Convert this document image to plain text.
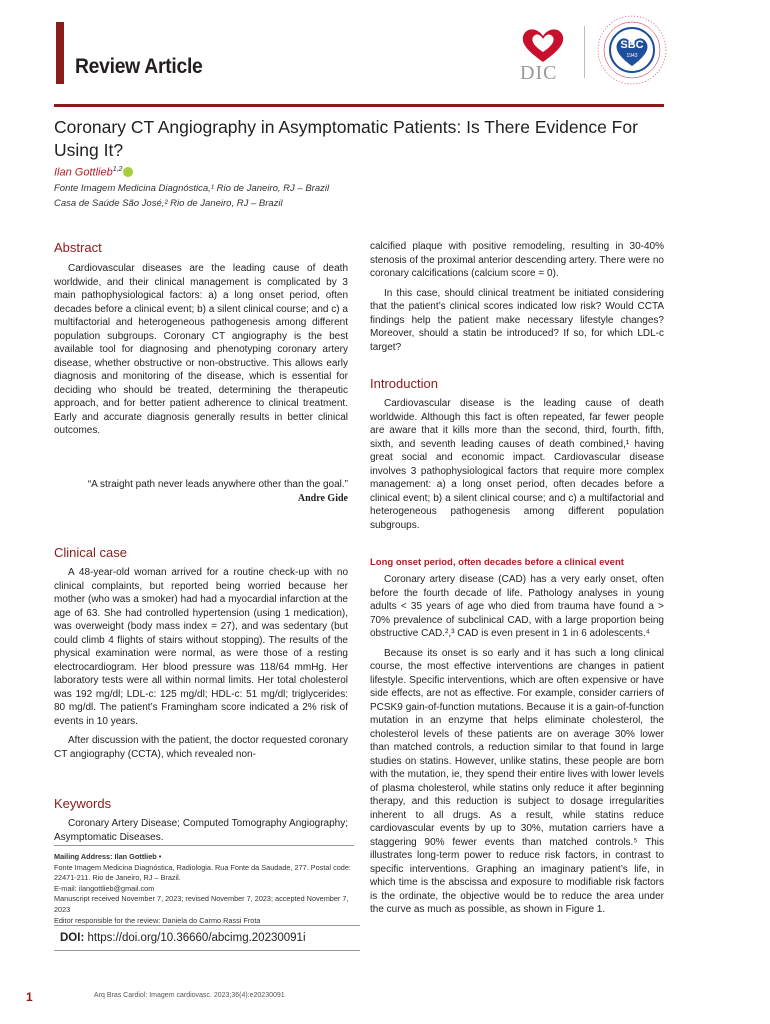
Review Article	DIC
SBC
1943
Coronary CT Angiography in Asymptomatic Patients: Is There Evidence For Using It?
Ilan Gottlieb$^{1,2}$
Fonte Imagem Medicina Diagnóstica,¹ Rio de Janeiro, RJ – Brazil
Casa de Saúde São José,² Rio de Janeiro, RJ – Brazil
Abstract

Cardiovascular diseases are the leading cause of death worldwide, and their clinical management is complicated by 3 main pathophysiological factors: a) a long onset period, often decades before a clinical event; b) a silent clinical course; and c) a multifactorial and heterogeneous pathogenesis among different population subgroups. Coronary CT angiography is the best available tool for diagnosing and phenotyping coronary artery disease, whether obstructive or non-obstructive. This allows early diagnosis and monitoring of the disease, which is essential for deciding who should be treated, determining the therapeutic approach, and for better patient adherence to clinical treatment. Early and accurate diagnosis generally results in better clinical outcomes.

“A straight path never leads anywhere other than the goal.”
Andre Gide
Clinical case

A 48-year-old woman arrived for a routine check-up with no clinical complaints, but reported being worried because her mother (who was a smoker) had had a myocardial infarction at the age of 63. She had controlled hypertension (using 1 medication), was overweight (body mass index = 27), and was sedentary (but could climb 4 flights of stairs without stopping). The results of the physical examination were normal, as were those of a resting electrocardiogram. Her blood pressure was 118/64 mmHg. Her laboratory tests were all within normal limits. Her total cholesterol was 192 mg/dl; LDL-c: 125 mg/dl; HDL-c: 51 mg/dl; triglycerides: 80 mg/dl. The patient’s Framingham score indicated a 2% risk of events in 10 years.

After discussion with the patient, the doctor requested coronary CT angiography (CCTA), which revealed non-

Keywords

Coronary Artery Disease; Computed Tomography Angiography; Asymptomatic Diseases.

Mailing Address: Ilan Gottlieb •
Fonte Imagem Medicina Diagnóstica, Radiologia. Rua Fonte da Saudade, 277. Postal code: 22471-211. Rio de Janeiro, RJ – Brazil.
E-mail: ilangottlieb@gmail.com
Manuscript received November 7, 2023; revised November 7, 2023; accepted November 7, 2023
Editor responsible for the review: Daniela do Carmo Rassi Frota
DOI: https://doi.org/10.36660/abcimg.20230091i

calcified plaque with positive remodeling, resulting in 30-40% stenosis of the proximal anterior descending artery. There were no coronary calcifications (calcium score = 0).

In this case, should clinical treatment be initiated considering that the patient’s clinical scores indicated low risk? Would CCTA findings help the patient make necessary lifestyle changes? Moreover, should a statin be introduced? If so, for which LDL-c target?

Introduction

Cardiovascular disease is the leading cause of death worldwide. Although this fact is often repeated, far fewer people are aware that it kills more than the second, third, fourth, fifth, sixth, and seventh leading causes of death combined,¹ having great social and economic impact. Cardiovascular disease involves 3 pathophysiological factors that require more complex management: a) a long onset period, often decades before a clinical event; b) a silent clinical course; and c) a multifactorial and heterogeneous pathogenesis among different population subgroups.

Long onset period, often decades before a clinical event

Coronary artery disease (CAD) has a very early onset, often before the fourth decade of life. Pathology analyses in young adults < 35 years of age who died from trauma have found a > 70% prevalence of subclinical CAD, with a large proportion being obstructive CAD.²,³ CAD is even present in 1 in 6 adolescents.⁴

Because its onset is so early and it has such a long clinical course, the most effective interventions are changes in patient lifestyle. Specific interventions, which are often expensive or have side effects, are not as effective. For example, consider carriers of PCSK9 gain-of-function mutations. Because it is a gain-of-function mutation in an enzyme that helps eliminate cholesterol, the cholesterol levels of these patients are on average 30% lower than matched controls, a reduction similar to that found in large studies on statins. However, unlike statins, these people are born with the mutation, ie, they spend their entire lives with lower levels of plasma cholesterol, while statins only reduce it after beginning therapy, and this reduction is subject to dosage irregularities inherent to all drugs. As a result, while statins reduce cardiovascular events by up to 30%, mutation carriers have a staggering 90% fewer events than matched controls.⁵ This illustrates long-term power to reduce risk factors, in contrast to specific interventions. Graphing an imaginary patient’s life, in which time is the abscissa and exposure to modifiable risk factors is the ordinate, the objective would be to reduce the area under the curve as much as possible, as shown in Figure 1.

1	Arq Bras Cardiol: Imagem cardiovasc. 2023;36(4):e20230091
